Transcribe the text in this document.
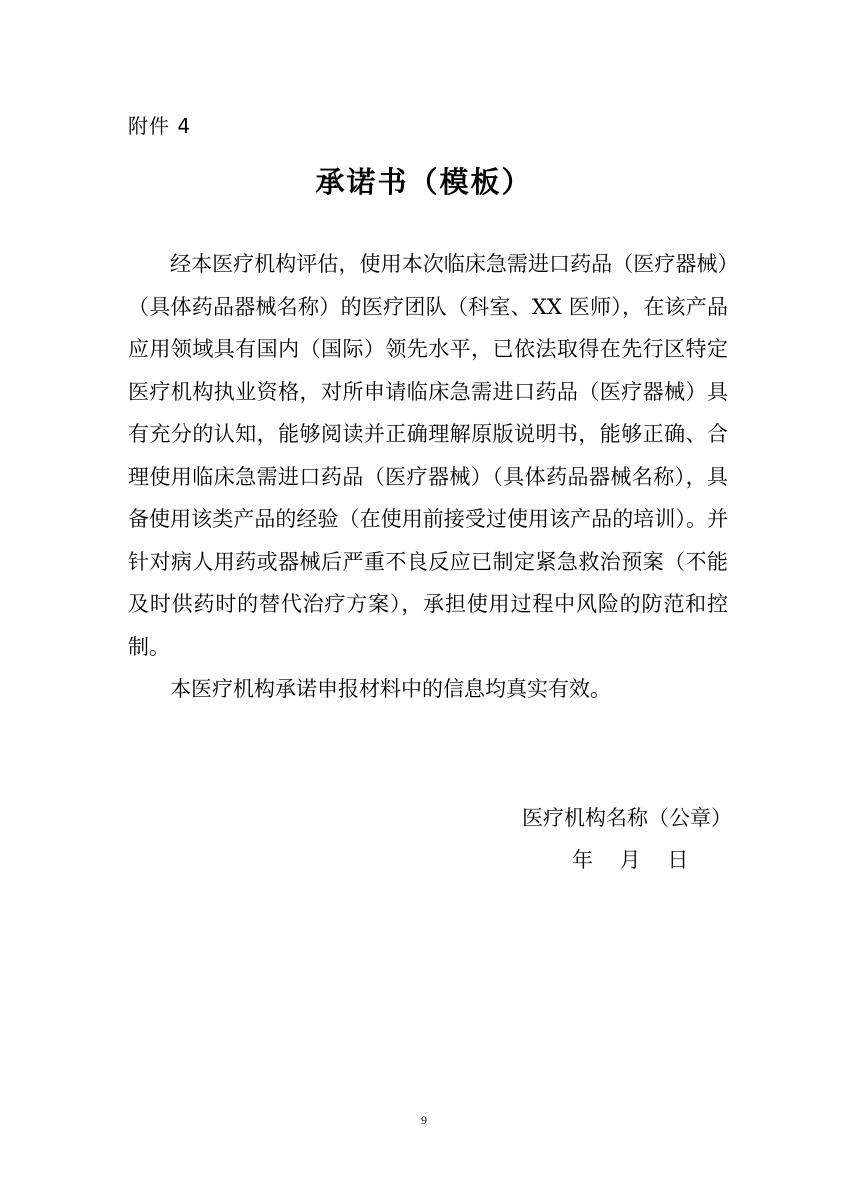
附件 4
承诺书（模板）

经本医疗机构评估，使用本次临床急需进口药品（医疗器械）（具体药品器械名称）的医疗团队（科室、XX 医师），在该产品应用领域具有国内（国际）领先水平，已依法取得在先行区特定医疗机构执业资格，对所申请临床急需进口药品（医疗器械）具有充分的认知，能够阅读并正确理解原版说明书，能够正确、合理使用临床急需进口药品（医疗器械）（具体药品器械名称），具备使用该类产品的经验（在使用前接受过使用该产品的培训）。并针对病人用药或器械后严重不良反应已制定紧急救治预案（不能及时供药时的替代治疗方案），承担使用过程中风险的防范和控制。

本医疗机构承诺申报材料中的信息均真实有效。

医疗机构名称（公章）
年 月 日
9
